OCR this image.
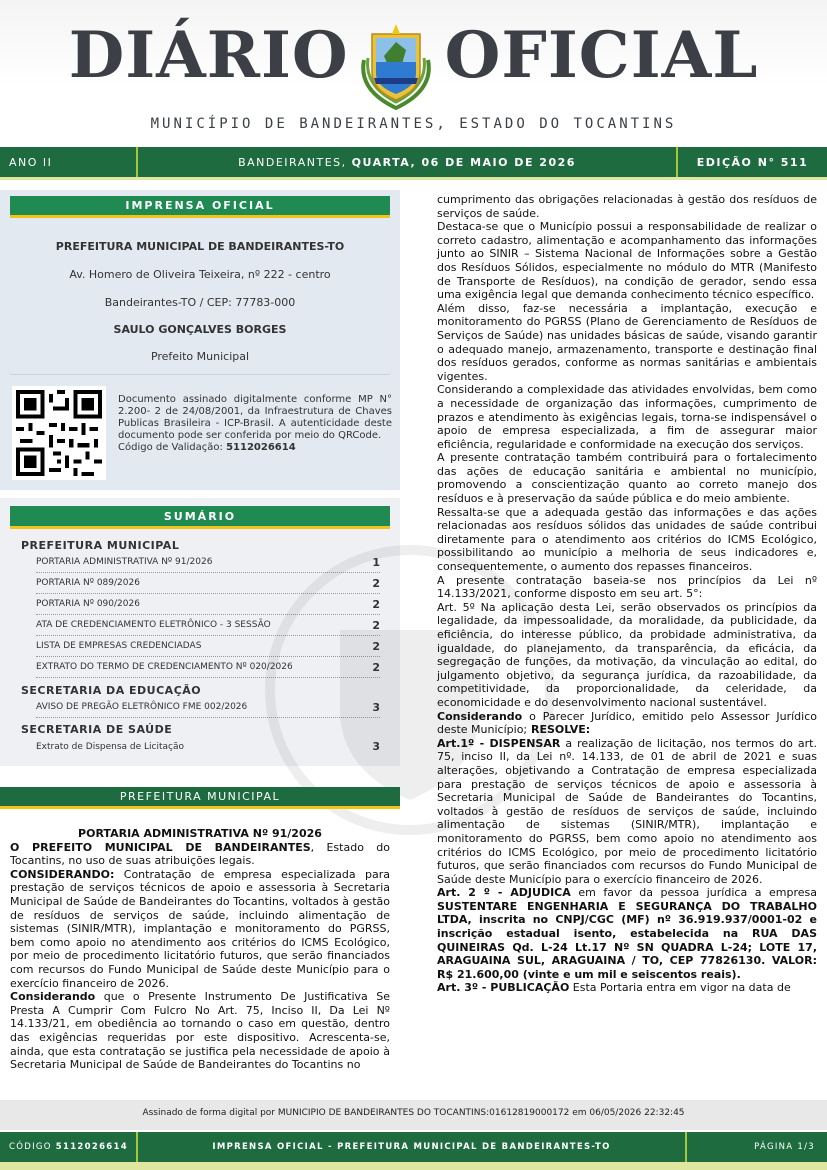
DIÁRIO OFICIAL
MUNICÍPIO DE BANDEIRANTES, ESTADO DO TOCANTINS
ANO II	BANDEIRANTES,
QUARTA, 06 DE MAIO DE 2026	EDIÇÃO N° 511
IMPRENSA OFICIAL
PREFEITURA MUNICIPAL DE BANDEIRANTES-TO
Av. Homero de Oliveira Teixeira, nº 222 - centro
Bandeirantes-TO / CEP: 77783-000
SAULO GONÇALVES BORGES
Prefeito Municipal
Documento assinado digitalmente conforme MP N° 2.200- 2 de 24/08/2001, da Infraestrutura de Chaves Publicas Brasileira - ICP-Brasil. A autenticidade deste documento pode ser conferida por meio do QRCode.
Código de Validação: 5112026614
SUMÁRIO
PREFEITURA MUNICIPAL
PORTARIA ADMINISTRATIVA Nº 91/2026	1
PORTARIA Nº 089/2026	2
PORTARIA Nº 090/2026	2
ATA DE CREDENCIAMENTO ELETRÔNICO - 3 SESSÃO	2
LISTA DE EMPRESAS CREDENCIADAS	2
EXTRATO DO TERMO DE CREDENCIAMENTO Nº 020/2026	2
SECRETARIA DA EDUCAÇÃO
AVISO DE PREGÃO ELETRÔNICO FME 002/2026	3
SECRETARIA DE SAÚDE
Extrato de Dispensa de Licitação	3
PREFEITURA MUNICIPAL
PORTARIA ADMINISTRATIVA Nº 91/2026

O PREFEITO MUNICIPAL DE BANDEIRANTES, Estado do Tocantins, no uso de suas atribuições legais.

CONSIDERANDO: Contratação de empresa especializada para prestação de serviços técnicos de apoio e assessoria à Secretaria Municipal de Saúde de Bandeirantes do Tocantins, voltados à gestão de resíduos de serviços de saúde, incluindo alimentação de sistemas (SINIR/MTR), implantação e monitoramento do PGRSS, bem como apoio no atendimento aos critérios do ICMS Ecológico, por meio de procedimento licitatório futuros, que serão financiados com recursos do Fundo Municipal de Saúde deste Município para o exercício financeiro de 2026.

Considerando que o Presente Instrumento De Justificativa Se Presta A Cumprir Com Fulcro No Art. 75, Inciso II, Da Lei Nº 14.133/21, em obediência ao tornando o caso em questão, dentro das exigências requeridas por este dispositivo. Acrescenta-se, ainda, que esta contratação se justifica pela necessidade de apoio à Secretaria Municipal de Saúde de Bandeirantes do Tocantins no

cumprimento das obrigações relacionadas à gestão dos resíduos de serviços de saúde.

Destaca-se que o Município possui a responsabilidade de realizar o correto cadastro, alimentação e acompanhamento das informações junto ao SINIR – Sistema Nacional de Informações sobre a Gestão dos Resíduos Sólidos, especialmente no módulo do MTR (Manifesto de Transporte de Resíduos), na condição de gerador, sendo essa uma exigência legal que demanda conhecimento técnico específico.

Além disso, faz-se necessária a implantação, execução e monitoramento do PGRSS (Plano de Gerenciamento de Resíduos de Serviços de Saúde) nas unidades básicas de saúde, visando garantir o adequado manejo, armazenamento, transporte e destinação final dos resíduos gerados, conforme as normas sanitárias e ambientais vigentes.

Considerando a complexidade das atividades envolvidas, bem como a necessidade de organização das informações, cumprimento de prazos e atendimento às exigências legais, torna-se indispensável o apoio de empresa especializada, a fim de assegurar maior eficiência, regularidade e conformidade na execução dos serviços.

A presente contratação também contribuirá para o fortalecimento das ações de educação sanitária e ambiental no município, promovendo a conscientização quanto ao correto manejo dos resíduos e à preservação da saúde pública e do meio ambiente.

Ressalta-se que a adequada gestão das informações e das ações relacionadas aos resíduos sólidos das unidades de saúde contribui diretamente para o atendimento aos critérios do ICMS Ecológico, possibilitando ao município a melhoria de seus indicadores e, consequentemente, o aumento dos repasses financeiros.

A presente contratação baseia-se nos princípios da Lei nº 14.133/2021, conforme disposto em seu art. 5°:

Art. 5º Na aplicação desta Lei, serão observados os princípios da legalidade, da impessoalidade, da moralidade, da publicidade, da eficiência, do interesse público, da probidade administrativa, da igualdade, do planejamento, da transparência, da eficácia, da segregação de funções, da motivação, da vinculação ao edital, do julgamento objetivo, da segurança jurídica, da razoabilidade, da competitividade, da proporcionalidade, da celeridade, da economicidade e do desenvolvimento nacional sustentável.

Considerando o Parecer Jurídico, emitido pelo Assessor Jurídico deste Município; RESOLVE:

Art.1º - DISPENSAR a realização de licitação, nos termos do art. 75, inciso II, da Lei nº. 14.133, de 01 de abril de 2021 e suas alterações, objetivando a Contratação de empresa especializada para prestação de serviços técnicos de apoio e assessoria à Secretaria Municipal de Saúde de Bandeirantes do Tocantins, voltados à gestão de resíduos de serviços de saúde, incluindo alimentação de sistemas (SINIR/MTR), implantação e monitoramento do PGRSS, bem como apoio no atendimento aos critérios do ICMS Ecológico, por meio de procedimento licitatório futuros, que serão financiados com recursos do Fundo Municipal de Saúde deste Município para o exercício financeiro de 2026.

Art. 2 º - ADJUDICA em favor da pessoa jurídica a empresa SUSTENTARE ENGENHARIA E SEGURANÇA DO TRABALHO LTDA, inscrita no CNPJ/CGC (MF) nº 36.919.937/0001-02 e inscrição estadual isento, estabelecida na RUA DAS QUINEIRAS Qd. L-24 Lt.17 Nº SN QUADRA L-24; LOTE 17, ARAGUAINA SUL, ARAGUAINA / TO, CEP 77826130. VALOR: R$ 21.600,00 (vinte e um mil e seiscentos reais).

Art. 3º - PUBLICAÇÃO Esta Portaria entra em vigor na data de

Assinado de forma digital por MUNICIPIO DE BANDEIRANTES DO TOCANTINS:01612819000172 em 06/05/2026 22:32:45
CÓDIGO
5112026614	IMPRENSA OFICIAL - PREFEITURA MUNICIPAL DE BANDEIRANTES-TO	PÁGINA 1/3
